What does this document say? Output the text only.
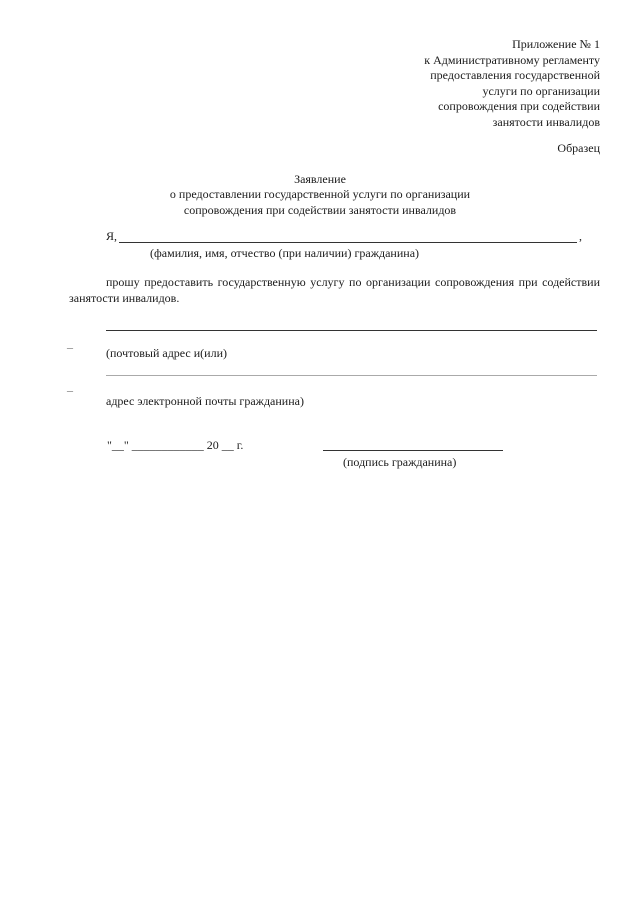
Приложение № 1
к Административному регламенту
предоставления государственной
услуги по организации
сопровождения при содействии
занятости инвалидов
Образец
Заявление
о предоставлении государственной услуги по организации
сопровождения при содействии занятости инвалидов
Я,	,
(фамилия, имя, отчество (при наличии) гражданина)
прошу предоставить государственную услугу по организации сопровождения при содействии занятости инвалидов.
_
(почтовый адрес и(или)
_
адрес электронной почты гражданина)
"__" ____________ 20 __ г.
(подпись гражданина)
